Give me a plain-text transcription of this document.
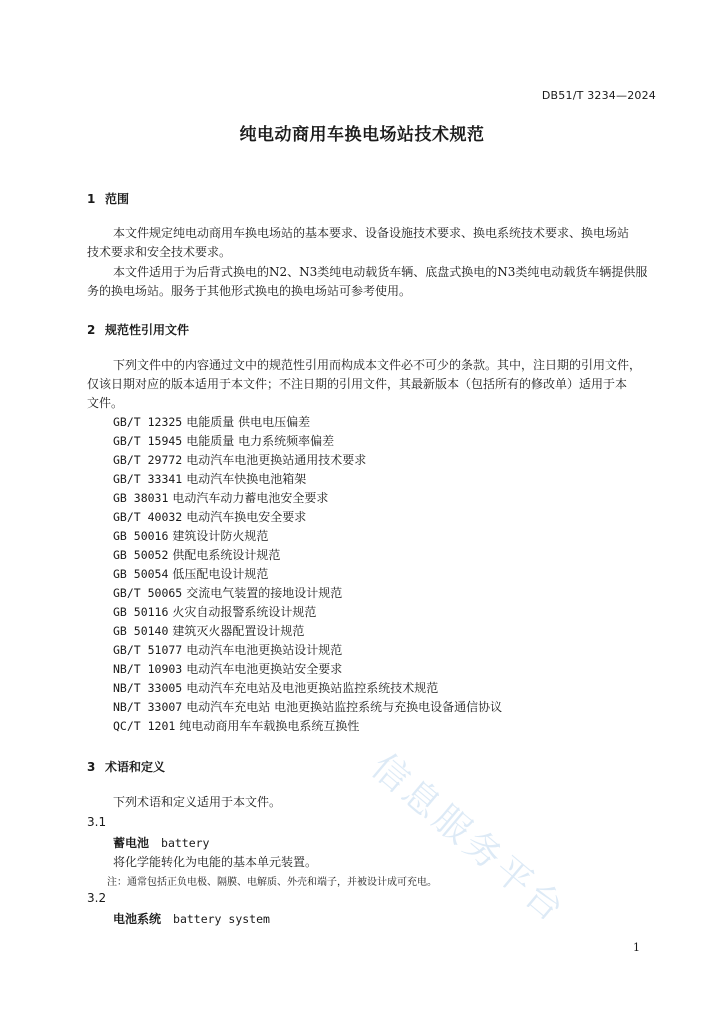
DB51/T 3234—2024
纯电动商用车换电场站技术规范
1 范围
本文件规定纯电动商用车换电场站的基本要求、设备设施技术要求、换电系统技术要求、换电场站
技术要求和安全技术要求。
本文件适用于为后背式换电的N2、N3类纯电动载货车辆、底盘式换电的N3类纯电动载货车辆提供服
务的换电场站。服务于其他形式换电的换电场站可参考使用。
2 规范性引用文件
下列文件中的内容通过文中的规范性引用而构成本文件必不可少的条款。其中，注日期的引用文件，
仅该日期对应的版本适用于本文件；不注日期的引用文件，其最新版本（包括所有的修改单）适用于本
文件。
GB/T 12325 电能质量 供电电压偏差
GB/T 15945 电能质量 电力系统频率偏差
GB/T 29772 电动汽车电池更换站通用技术要求
GB/T 33341 电动汽车快换电池箱架
GB 38031 电动汽车动力蓄电池安全要求
GB/T 40032 电动汽车换电安全要求
GB 50016 建筑设计防火规范
GB 50052 供配电系统设计规范
GB 50054 低压配电设计规范
GB/T 50065 交流电气装置的接地设计规范
GB 50116 火灾自动报警系统设计规范
GB 50140 建筑灭火器配置设计规范
GB/T 51077 电动汽车电池更换站设计规范
NB/T 10903 电动汽车电池更换站安全要求
NB/T 33005 电动汽车充电站及电池更换站监控系统技术规范
NB/T 33007 电动汽车充电站 电池更换站监控系统与充换电设备通信协议
QC/T 1201 纯电动商用车车载换电系统互换性
3 术语和定义
下列术语和定义适用于本文件。
3.1
蓄电池 battery
将化学能转化为电能的基本单元装置。
注：通常包括正负电极、隔膜、电解质、外壳和端子，并被设计成可充电。
3.2
电池系统 battery system
1
信息服务平台
